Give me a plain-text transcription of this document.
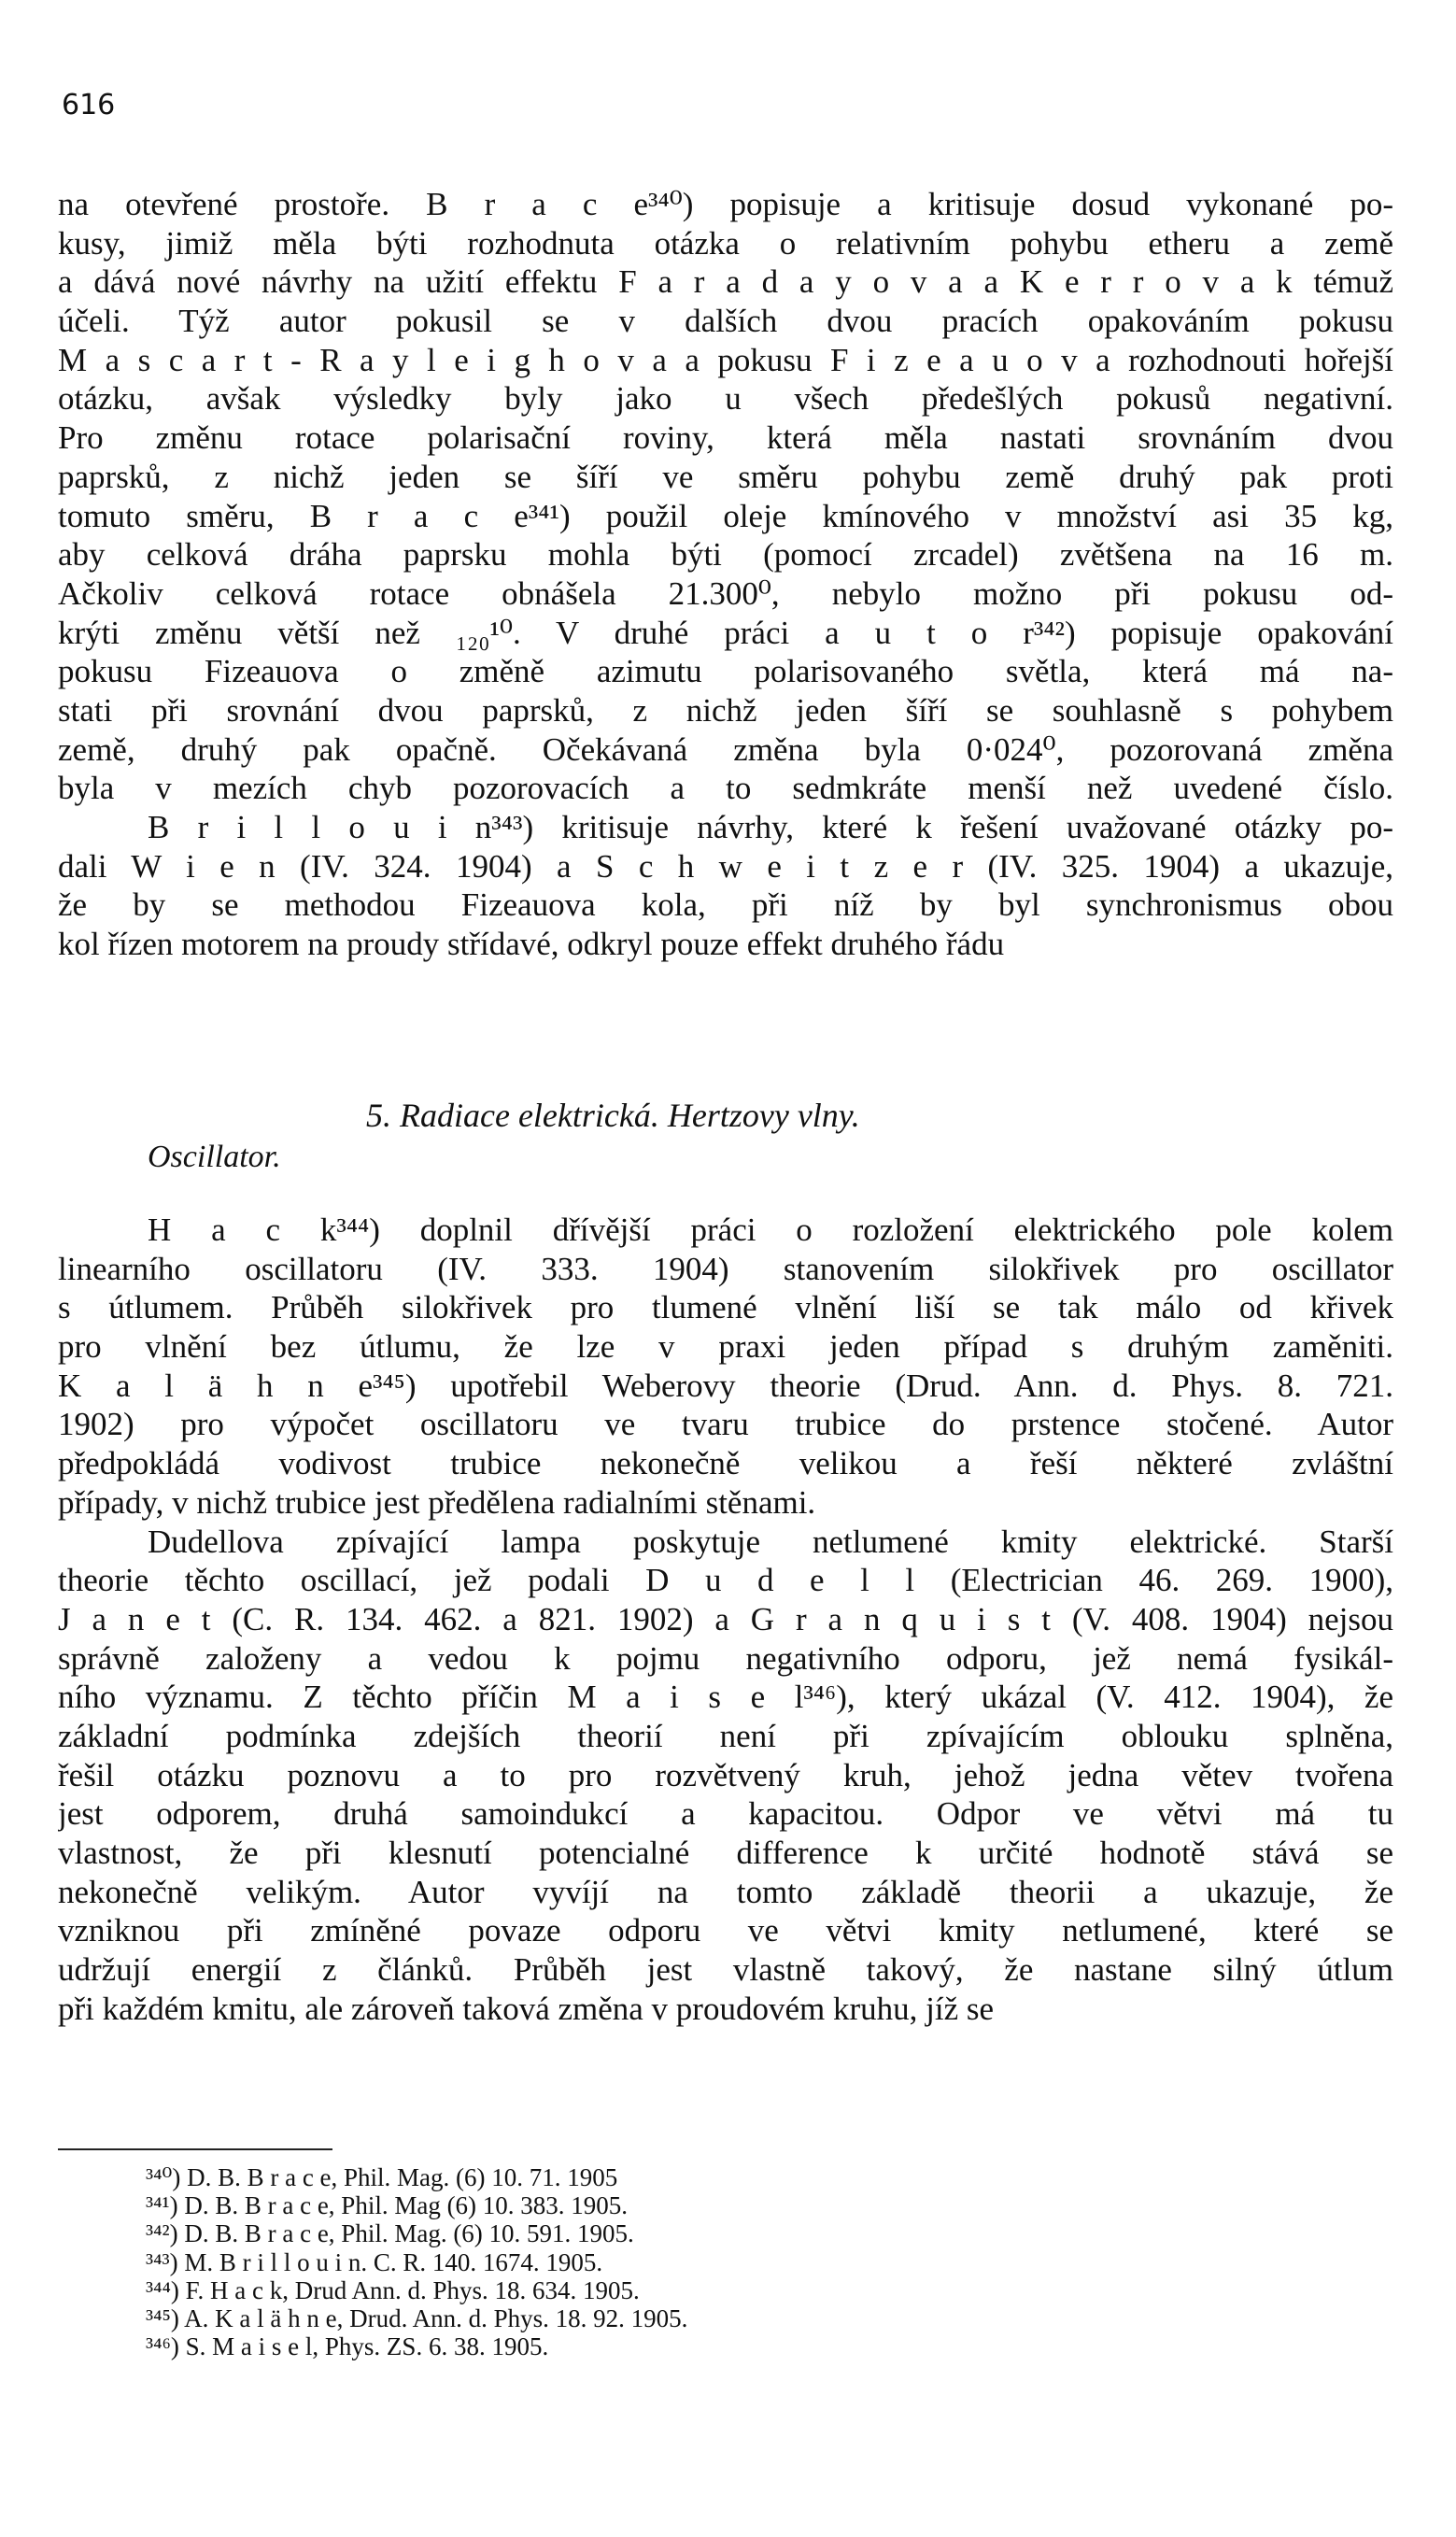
616
na otevřené prostoře. B r a c e³⁴⁰) popisuje a kritisuje dosud vykonané po-
kusy, jimiž měla býti rozhodnuta otázka o relativním pohybu etheru a země
a dává nové návrhy na užití effektu F a r a d a y o v a a K e r r o v a k témuž
účeli. Týž autor pokusil se v dalších dvou pracích opakováním pokusu
M a s c a r t - R a y l e i g h o v a a pokusu F i z e a u o v a rozhodnouti hořejší
otázku, avšak výsledky byly jako u všech předešlých pokusů negativní.
Pro změnu rotace polarisační roviny, která měla nastati srovnáním dvou
paprsků, z nichž jeden se šíří ve směru pohybu země druhý pak proti
tomuto směru, B r a c e³⁴¹) použil oleje kmínového v množství asi 35 kg,
aby celková dráha paprsku mohla býti (pomocí zrcadel) zvětšena na 16 m.
Ačkoliv celková rotace obnášela 21.300⁰, nebylo možno při pokusu od-
krýti změnu větší než ₁₂₀¹⁰. V druhé práci a u t o r³⁴²) popisuje opakování
pokusu Fizeauova o změně azimutu polarisovaného světla, která má na-
stati při srovnání dvou paprsků, z nichž jeden šíří se souhlasně s pohybem
země, druhý pak opačně. Očekávaná změna byla 0·024⁰, pozorovaná změna
byla v mezích chyb pozorovacích a to sedmkráte menší než uvedené číslo.
B r i l l o u i n³⁴³) kritisuje návrhy, které k řešení uvažované otázky po-
dali W i e n (IV. 324. 1904) a S c h w e i t z e r (IV. 325. 1904) a ukazuje,
že by se methodou Fizeauova kola, při níž by byl synchronismus obou
kol řízen motorem na proudy střídavé, odkryl pouze effekt druhého řádu
5. Radiace elektrická. Hertzovy vlny.
Oscillator.
H a c k³⁴⁴) doplnil dřívější práci o rozložení elektrického pole kolem
linearního oscillatoru (IV. 333. 1904) stanovením silokřivek pro oscillator
s útlumem. Průběh silokřivek pro tlumené vlnění liší se tak málo od křivek
pro vlnění bez útlumu, že lze v praxi jeden případ s druhým zaměniti.
K a l ä h n e³⁴⁵) upotřebil Weberovy theorie (Drud. Ann. d. Phys. 8. 721.
1902) pro výpočet oscillatoru ve tvaru trubice do prstence stočené. Autor
předpokládá vodivost trubice nekonečně velikou a řeší některé zvláštní
případy, v nichž trubice jest předělena radialními stěnami.
Dudellova zpívající lampa poskytuje netlumené kmity elektrické. Starší
theorie těchto oscillací, jež podali D u d e l l (Electrician 46. 269. 1900),
J a n e t (C. R. 134. 462. a 821. 1902) a G r a n q u i s t (V. 408. 1904) nejsou
správně založeny a vedou k pojmu negativního odporu, jež nemá fysikál-
ního významu. Z těchto příčin M a i s e l³⁴⁶), který ukázal (V. 412. 1904), že
základní podmínka zdejších theorií není při zpívajícím oblouku splněna,
řešil otázku poznovu a to pro rozvětvený kruh, jehož jedna větev tvořena
jest odporem, druhá samoindukcí a kapacitou. Odpor ve větvi má tu
vlastnost, že při klesnutí potencialné difference k určité hodnotě stává se
nekonečně velikým. Autor vyvíjí na tomto základě theorii a ukazuje, že
vzniknou při zmíněné povaze odporu ve větvi kmity netlumené, které se
udržují energií z článků. Průběh jest vlastně takový, že nastane silný útlum
při každém kmitu, ale zároveň taková změna v proudovém kruhu, jíž se
³⁴⁰) D. B. B r a c e, Phil. Mag. (6) 10. 71. 1905
³⁴¹) D. B. B r a c e, Phil. Mag (6) 10. 383. 1905.
³⁴²) D. B. B r a c e, Phil. Mag. (6) 10. 591. 1905.
³⁴³) M. B r i l l o u i n. C. R. 140. 1674. 1905.
³⁴⁴) F. H a c k, Drud Ann. d. Phys. 18. 634. 1905.
³⁴⁵) A. K a l ä h n e, Drud. Ann. d. Phys. 18. 92. 1905.
³⁴⁶) S. M a i s e l, Phys. ZS. 6. 38. 1905.
